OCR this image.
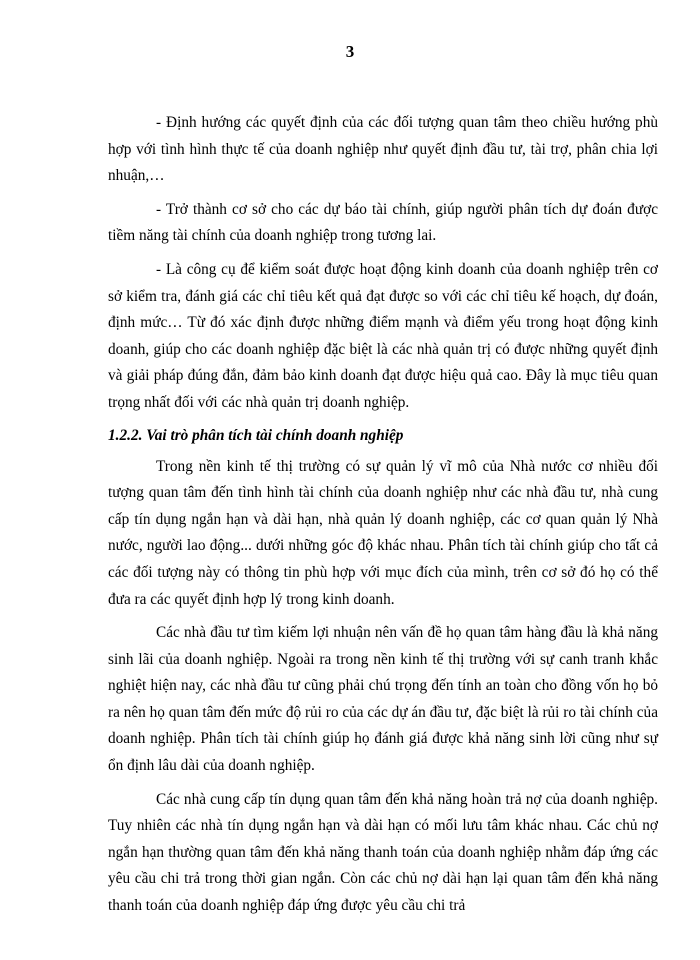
3

- Định hướng các quyết định của các đối tượng quan tâm theo chiều hướng phù hợp với tình hình thực tế của doanh nghiệp như quyết định đầu tư, tài trợ, phân chia lợi nhuận,…

- Trở thành cơ sở cho các dự báo tài chính, giúp người phân tích dự đoán được tiềm năng tài chính của doanh nghiệp trong tương lai.

- Là công cụ để kiểm soát được hoạt động kinh doanh của doanh nghiệp trên cơ sở kiểm tra, đánh giá các chỉ tiêu kết quả đạt được so với các chỉ tiêu kế hoạch, dự đoán, định mức… Từ đó xác định được những điểm mạnh và điểm yếu trong hoạt động kinh doanh, giúp cho các doanh nghiệp đặc biệt là các nhà quản trị có được những quyết định và giải pháp đúng đắn, đảm bảo kinh doanh đạt được hiệu quả cao. Đây là mục tiêu quan trọng nhất đối với các nhà quản trị doanh nghiệp.

1.2.2. Vai trò phân tích tài chính doanh nghiệp

Trong nền kinh tế thị trường có sự quản lý vĩ mô của Nhà nước cơ nhiều đối tượng quan tâm đến tình hình tài chính của doanh nghiệp như các nhà đầu tư, nhà cung cấp tín dụng ngắn hạn và dài hạn, nhà quản lý doanh nghiệp, các cơ quan quản lý Nhà nước, người lao động... dưới những góc độ khác nhau. Phân tích tài chính giúp cho tất cả các đối tượng này có thông tin phù hợp với mục đích của mình, trên cơ sở đó họ có thể đưa ra các quyết định hợp lý trong kinh doanh.

Các nhà đầu tư tìm kiếm lợi nhuận nên vấn đề họ quan tâm hàng đầu là khả năng sinh lãi của doanh nghiệp. Ngoài ra trong nền kinh tế thị trường với sự canh tranh khắc nghiệt hiện nay, các nhà đầu tư cũng phải chú trọng đến tính an toàn cho đồng vốn họ bỏ ra nên họ quan tâm đến mức độ rủi ro của các dự án đầu tư, đặc biệt là rủi ro tài chính của doanh nghiệp. Phân tích tài chính giúp họ đánh giá được khả năng sinh lời cũng như sự ổn định lâu dài của doanh nghiệp.

Các nhà cung cấp tín dụng quan tâm đến khả năng hoàn trả nợ của doanh nghiệp. Tuy nhiên các nhà tín dụng ngắn hạn và dài hạn có mối lưu tâm khác nhau. Các chủ nợ ngắn hạn thường quan tâm đến khả năng thanh toán của doanh nghiệp nhằm đáp ứng các yêu cầu chi trả trong thời gian ngắn. Còn các chủ nợ dài hạn lại quan tâm đến khả năng thanh toán của doanh nghiệp đáp ứng được yêu cầu chi trả
